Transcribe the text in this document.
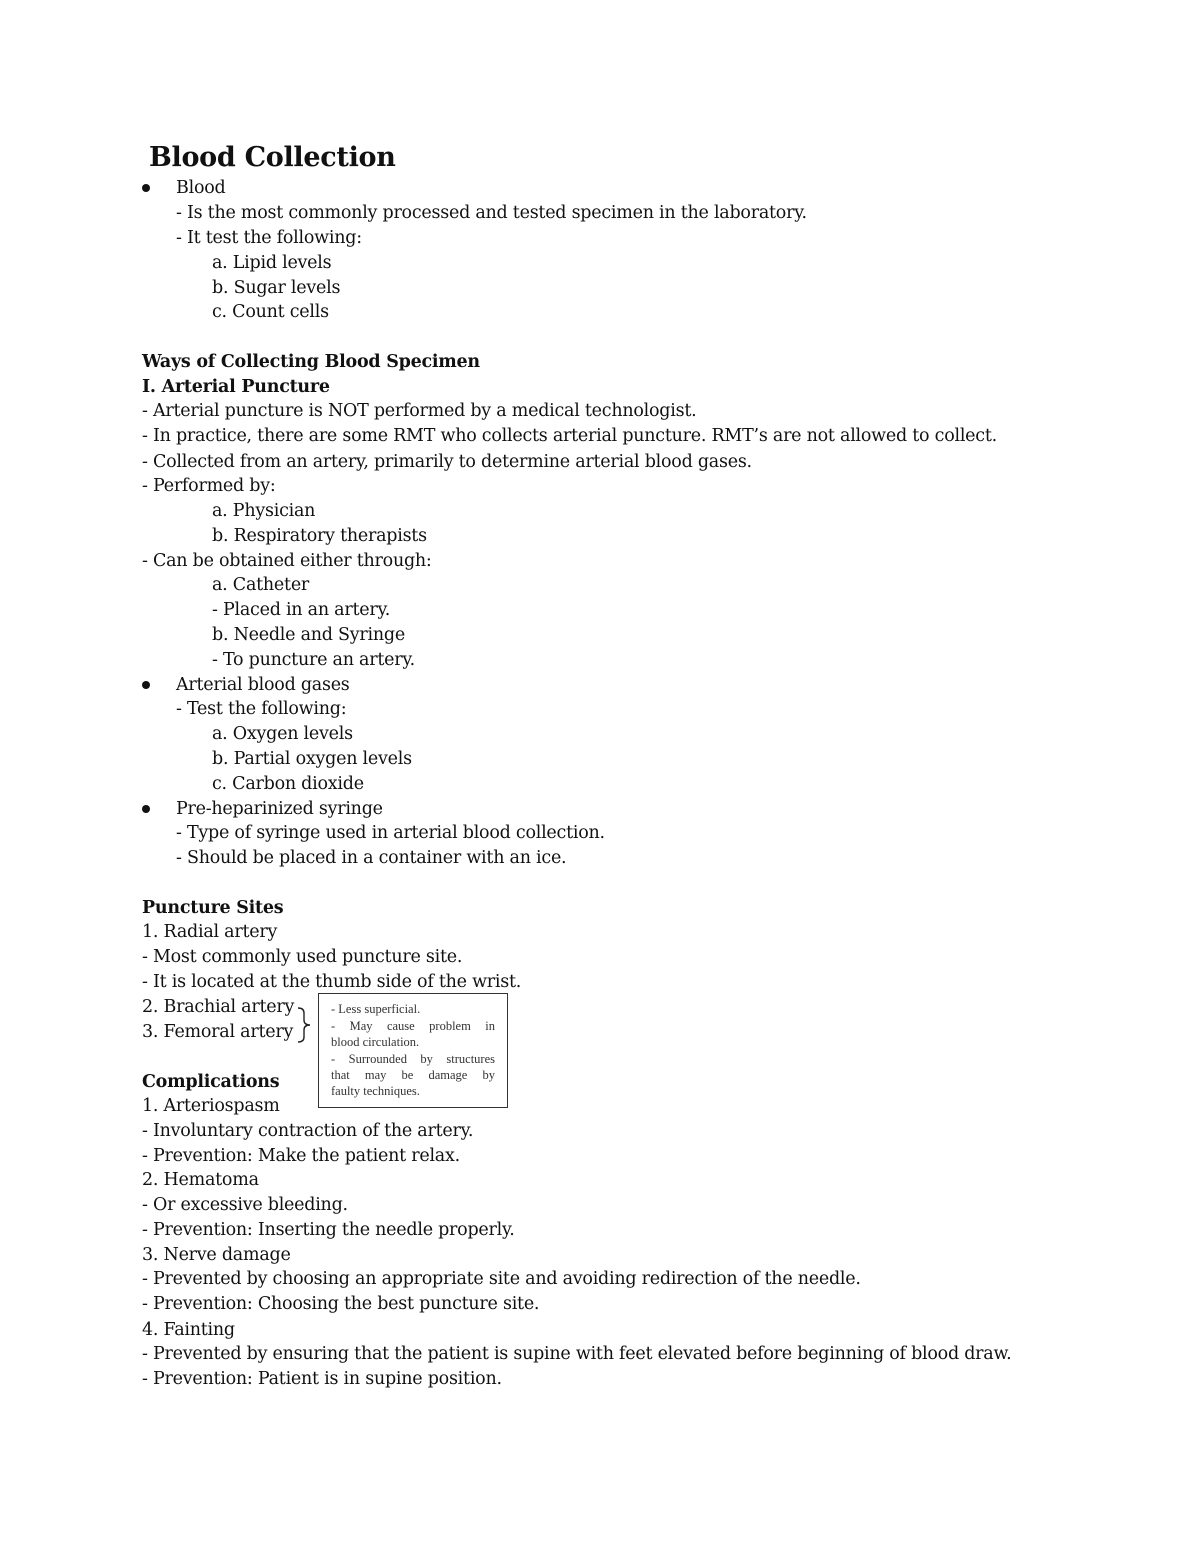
Blood Collection
Blood
- Is the most commonly processed and tested specimen in the laboratory.
- It test the following:
a. Lipid levels
b. Sugar levels
c. Count cells
Ways of Collecting Blood Specimen
I. Arterial Puncture
- Arterial puncture is NOT performed by a medical technologist.
- In practice, there are some RMT who collects arterial puncture. RMT’s are not allowed to collect.
- Collected from an artery, primarily to determine arterial blood gases.
- Performed by:
a. Physician
b. Respiratory therapists
- Can be obtained either through:
a. Catheter
- Placed in an artery.
b. Needle and Syringe
- To puncture an artery.
Arterial blood gases
- Test the following:
a. Oxygen levels
b. Partial oxygen levels
c. Carbon dioxide
Pre-heparinized syringe
- Type of syringe used in arterial blood collection.
- Should be placed in a container with an ice.
Puncture Sites
1. Radial artery
- Most commonly used puncture site.
- It is located at the thumb side of the wrist.
2. Brachial artery
3. Femoral artery
- Less superficial.
- May cause problem in
blood circulation.
- Surrounded by structures
that may be damage by
faulty techniques.
Complications
1. Arteriospasm
- Involuntary contraction of the artery.
- Prevention: Make the patient relax.
2. Hematoma
- Or excessive bleeding.
- Prevention: Inserting the needle properly.
3. Nerve damage
- Prevented by choosing an appropriate site and avoiding redirection of the needle.
- Prevention: Choosing the best puncture site.
4. Fainting
- Prevented by ensuring that the patient is supine with feet elevated before beginning of blood draw.
- Prevention: Patient is in supine position.
